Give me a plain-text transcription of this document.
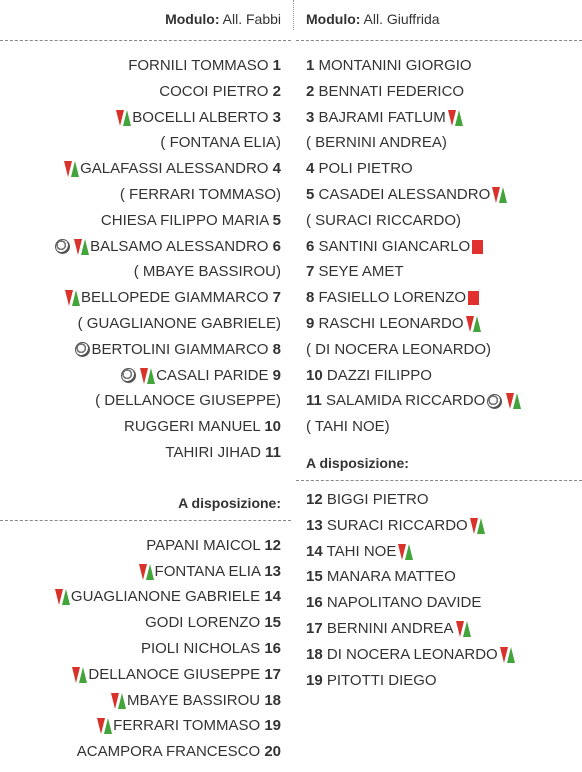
Modulo: All. Fabbi
FORNILI TOMMASO 1
COCOI PIETRO 2
BOCELLI ALBERTO 3
( FONTANA ELIA)
GALAFASSI ALESSANDRO 4
( FERRARI TOMMASO)
CHIESA FILIPPO MARIA 5
BALSAMO ALESSANDRO 6
( MBAYE BASSIROU)
BELLOPEDE GIAMMARCO 7
( GUAGLIANONE GABRIELE)
BERTOLINI GIAMMARCO 8
CASALI PARIDE 9
( DELLANOCE GIUSEPPE)
RUGGERI MANUEL 10
TAHIRI JIHAD 11
A disposizione:
PAPANI MAICOL 12
FONTANA ELIA 13
GUAGLIANONE GABRIELE 14
GODI LORENZO 15
PIOLI NICHOLAS 16
DELLANOCE GIUSEPPE 17
MBAYE BASSIROU 18
FERRARI TOMMASO 19
ACAMPORA FRANCESCO 20
Modulo: All. Giuffrida
1 MONTANINI GIORGIO
2 BENNATI FEDERICO
3 BAJRAMI FATLUM
( BERNINI ANDREA)
4 POLI PIETRO
5 CASADEI ALESSANDRO
( SURACI RICCARDO)
6 SANTINI GIANCARLO
7 SEYE AMET
8 FASIELLO LORENZO
9 RASCHI LEONARDO
( DI NOCERA LEONARDO)
10 DAZZI FILIPPO
11 SALAMIDA RICCARDO
( TAHI NOE)
A disposizione:
12 BIGGI PIETRO
13 SURACI RICCARDO
14 TAHI NOE
15 MANARA MATTEO
16 NAPOLITANO DAVIDE
17 BERNINI ANDREA
18 DI NOCERA LEONARDO
19 PITOTTI DIEGO
